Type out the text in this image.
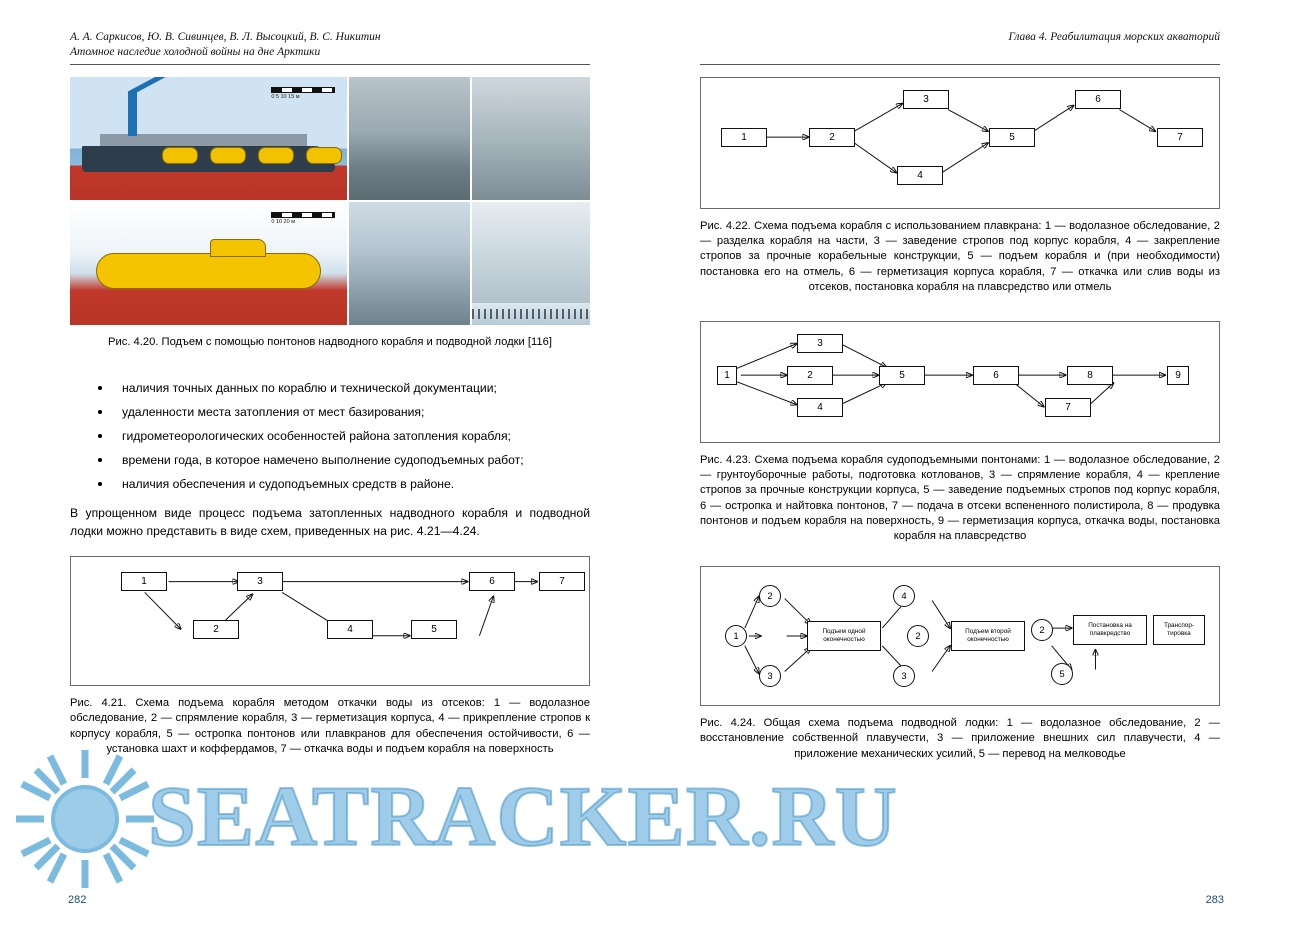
А. А. Саркисов, Ю. В. Сивинцев, В. Л. Высоцкий, В. С. Никитин
Атомное наследие холодной войны на дне Арктики
0 5 10 15 м
0 10 20 м
Рис. 4.20. Подъем с помощью понтонов надводного корабля и подводной лодки [116]
наличия точных данных по кораблю и технической документации;
удаленности места затопления от мест базирования;
гидрометеорологических особенностей района затопления корабля;
времени года, в которое намечено выполнение судоподъемных работ;
наличия обеспечения и судоподъемных средств в районе.

В упрощенном виде процесс подъема затопленных надводного корабля и подводной лодки можно представить в виде схем, приведенных на рис. 4.21—4.24.

1
2
3
4	5
6	7
Рис. 4.21. Схема подъема корабля методом откачки воды из отсеков: 1 — водолазное обследование, 2 — спрямление корабля, 3 — герметизация корпуса, 4 — прикрепление стропов к корпусу корабля, 5 — остропка понтонов или плавкранов для обеспечения остойчивости, 6 — установка шахт и коффердамов, 7 — откачка воды и подъем корабля на поверхность
282
Глава 4. Реабилитация морских акваторий
1	2
3
4
5
6
7
Рис. 4.22. Схема подъема корабля с использованием плавкрана: 1 — водолазное обследование, 2 — разделка корабля на части, 3 — заведение стропов под корпус корабля, 4 — закрепление стропов за прочные корабельные конструкции, 5 — подъем корабля и (при необходимости) постановка его на отмель, 6 — герметизация корпуса корабля, 7 — откачка или слив воды из отсеков, постановка корабля на плавсредство или отмель
1	2
3
4
5	6
7
8	9
Рис. 4.23. Схема подъема корабля судоподъемными понтонами: 1 — водолазное обследование, 2 — грунтоуборочные работы, подготовка котлованов, 3 — спрямление корабля, 4 — крепление стропов за прочные конструкции корпуса, 5 — заведение подъемных стропов под корпус корабля, 6 — остропка и найтовка понтонов, 7 — подача в отсеки вспененного полистирола, 8 — продувка понтонов и подъем корабля на поверхность, 9 — герметизация корпуса, откачка воды, постановка корабля на плавсредство
2
1
3
4
2
3
2
5
Подъем одной оконечностью
Подъем второй оконечностью
Постановка на плавкредство
Транспор- тировка
Рис. 4.24. Общая схема подъема подводной лодки: 1 — водолазное обследование, 2 — восстановление собственной плавучести, 3 — приложение внешних сил плавучести, 4 — приложение механических усилий, 5 — перевод на мелководье
283
SEATRACKER.RU
